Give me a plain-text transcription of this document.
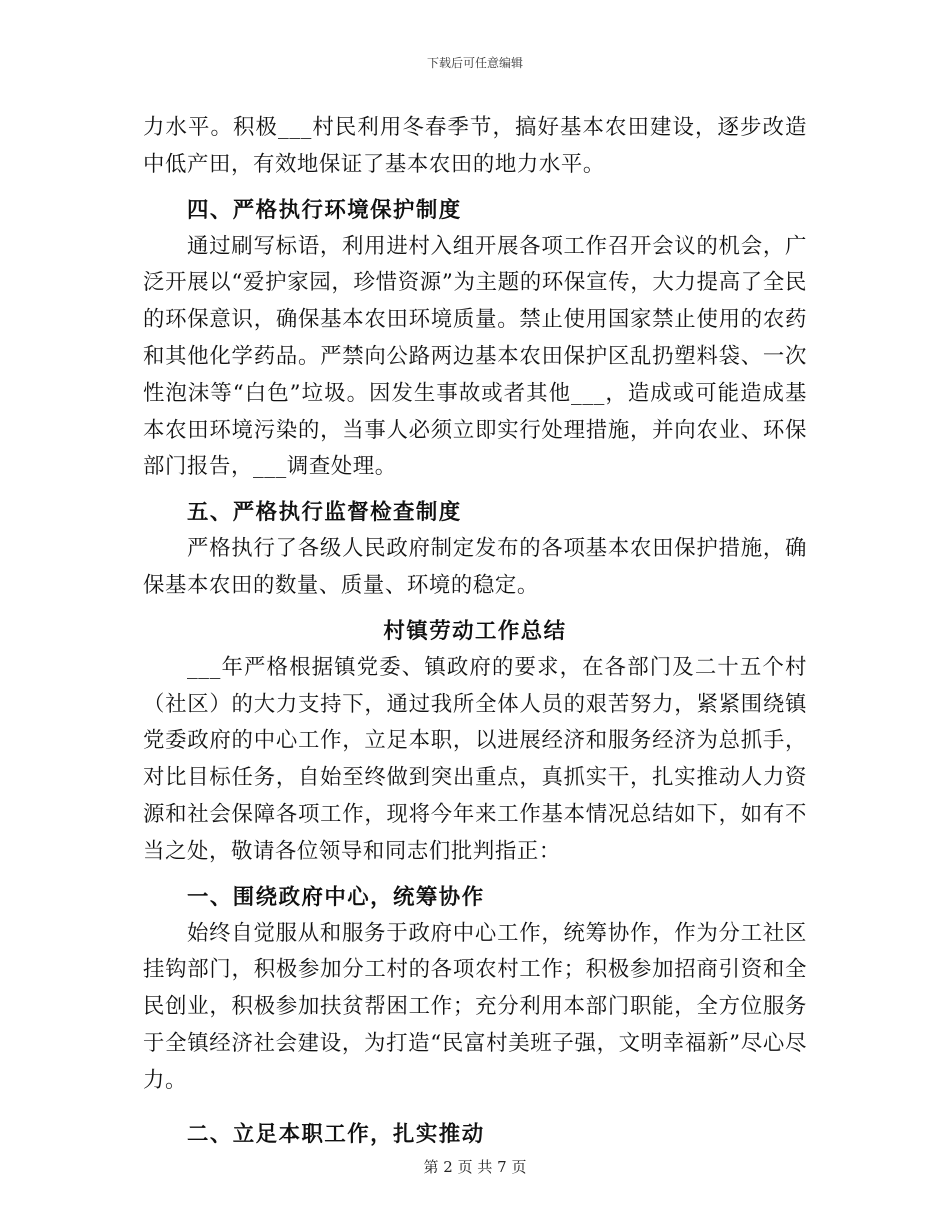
下载后可任意编辑

力水平。积极___村民利用冬春季节，搞好基本农田建设，逐步改造中低产田，有效地保证了基本农田的地力水平。

四、严格执行环境保护制度

通过刷写标语，利用进村入组开展各项工作召开会议的机会，广泛开展以“爱护家园，珍惜资源”为主题的环保宣传，大力提高了全民的环保意识，确保基本农田环境质量。禁止使用国家禁止使用的农药和其他化学药品。严禁向公路两边基本农田保护区乱扔塑料袋、一次性泡沫等“白色”垃圾。因发生事故或者其他___，造成或可能造成基本农田环境污染的，当事人必须立即实行处理措施，并向农业、环保部门报告，___调查处理。

五、严格执行监督检查制度

严格执行了各级人民政府制定发布的各项基本农田保护措施，确保基本农田的数量、质量、环境的稳定。

村镇劳动工作总结

___年严格根据镇党委、镇政府的要求，在各部门及二十五个村（社区）的大力支持下，通过我所全体人员的艰苦努力，紧紧围绕镇党委政府的中心工作，立足本职，以进展经济和服务经济为总抓手，对比目标任务，自始至终做到突出重点，真抓实干，扎实推动人力资源和社会保障各项工作，现将今年来工作基本情况总结如下，如有不当之处，敬请各位领导和同志们批判指正：

一、围绕政府中心，统筹协作

始终自觉服从和服务于政府中心工作，统筹协作，作为分工社区挂钩部门，积极参加分工村的各项农村工作；积极参加招商引资和全民创业，积极参加扶贫帮困工作；充分利用本部门职能，全方位服务于全镇经济社会建设，为打造“民富村美班子强，文明幸福新”尽心尽力。

二、立足本职工作，扎实推动

第 2 页 共 7 页
